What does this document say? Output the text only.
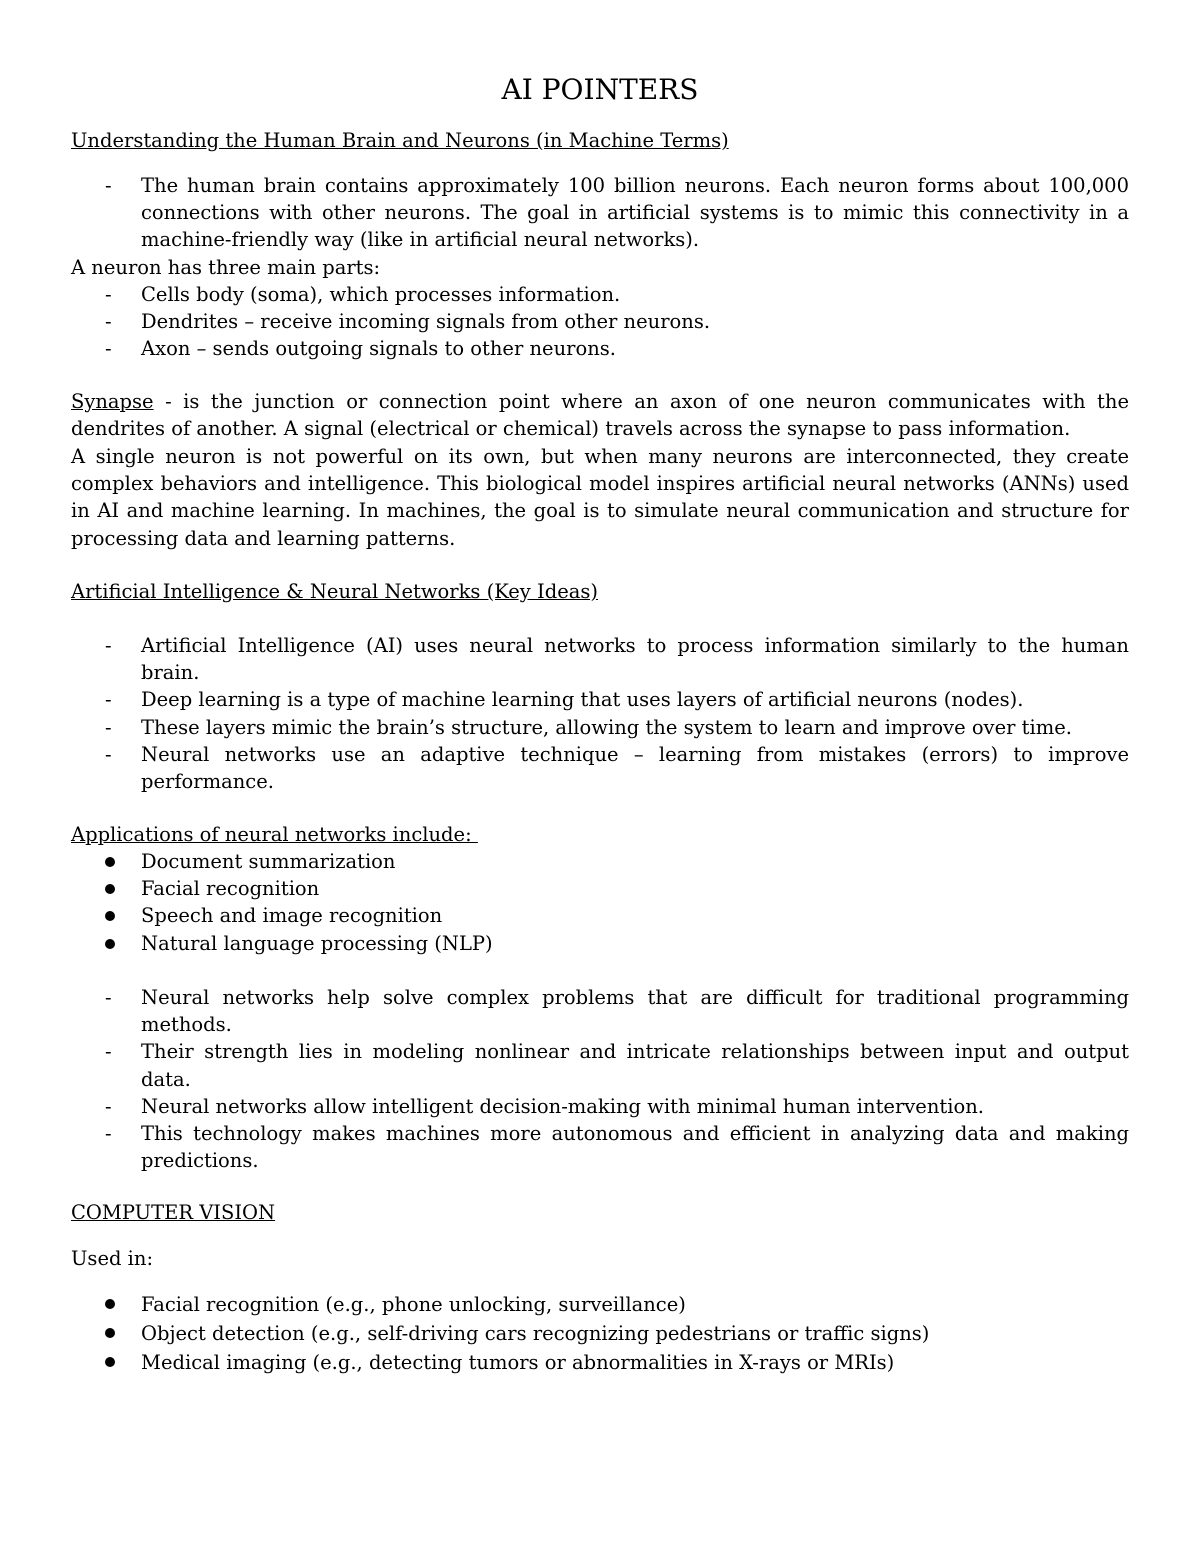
AI POINTERS
Understanding the Human Brain and Neurons (in Machine Terms)
- The human brain contains approximately 100 billion neurons. Each neuron forms about 100,000 connections with other neurons. The goal in artificial systems is to mimic this connectivity in a machine-friendly way (like in artificial neural networks).
A neuron has three main parts:
- Cells body (soma), which processes information.
- Dendrites – receive incoming signals from other neurons.
- Axon – sends outgoing signals to other neurons.
Synapse - is the junction or connection point where an axon of one neuron communicates with the dendrites of another. A signal (electrical or chemical) travels across the synapse to pass information.
A single neuron is not powerful on its own, but when many neurons are interconnected, they create complex behaviors and intelligence. This biological model inspires artificial neural networks (ANNs) used in AI and machine learning. In machines, the goal is to simulate neural communication and structure for processing data and learning patterns.
Artificial Intelligence & Neural Networks (Key Ideas)
- Artificial Intelligence (AI) uses neural networks to process information similarly to the human brain.
- Deep learning is a type of machine learning that uses layers of artificial neurons (nodes).
- These layers mimic the brain’s structure, allowing the system to learn and improve over time.
- Neural networks use an adaptive technique – learning from mistakes (errors) to improve performance.
Applications of neural networks include:
Document summarization
Facial recognition
Speech and image recognition
Natural language processing (NLP)
- Neural networks help solve complex problems that are difficult for traditional programming methods.
- Their strength lies in modeling nonlinear and intricate relationships between input and output data.
- Neural networks allow intelligent decision-making with minimal human intervention.
- This technology makes machines more autonomous and efficient in analyzing data and making predictions.
COMPUTER VISION
Used in:
Facial recognition (e.g., phone unlocking, surveillance)
Object detection (e.g., self-driving cars recognizing pedestrians or traffic signs)
Medical imaging (e.g., detecting tumors or abnormalities in X-rays or MRIs)
